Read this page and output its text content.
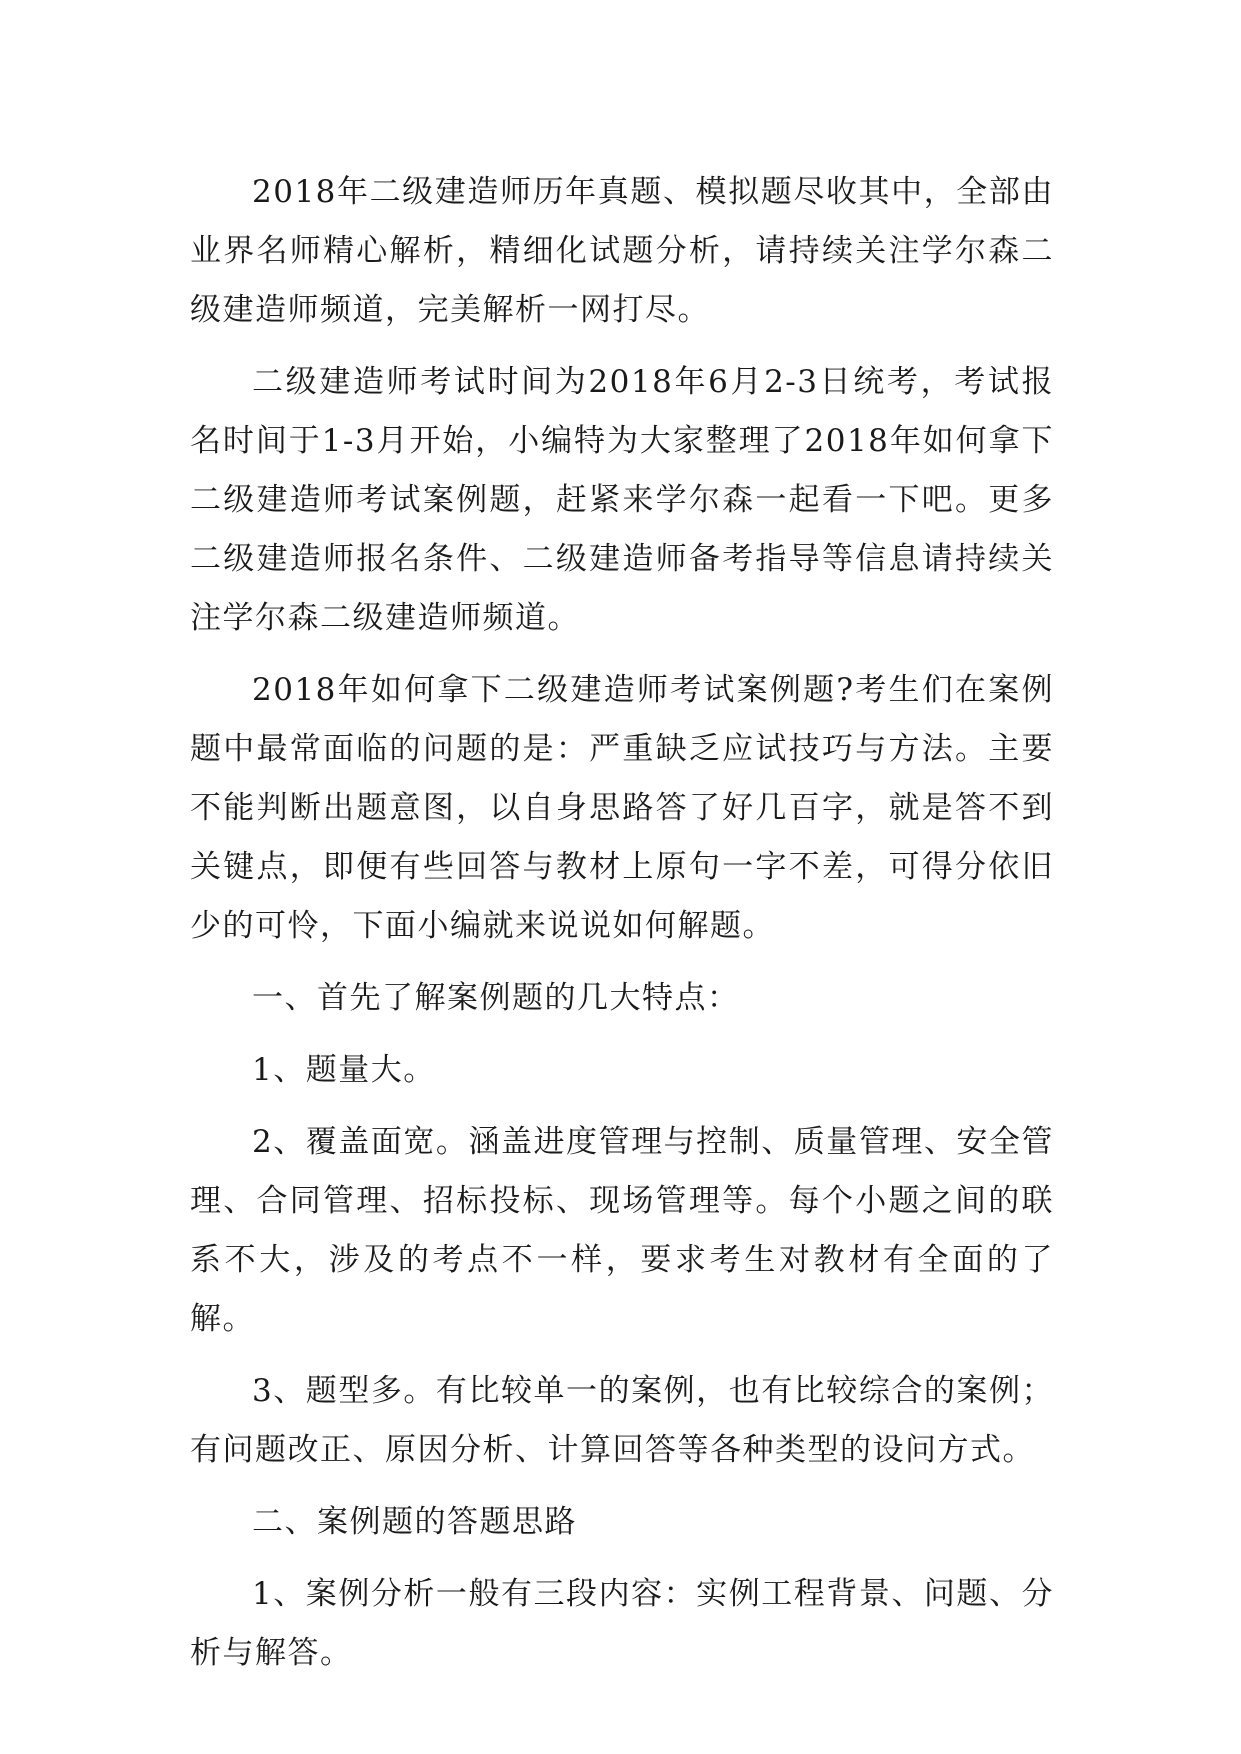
2018年二级建造师历年真题、模拟题尽收其中，全部由业界名师精心解析，精细化试题分析，请持续关注学尔森二级建造师频道，完美解析一网打尽。

二级建造师考试时间为2018年6月2-3日统考，考试报名时间于1-3月开始，小编特为大家整理了2018年如何拿下二级建造师考试案例题，赶紧来学尔森一起看一下吧。更多二级建造师报名条件、二级建造师备考指导等信息请持续关注学尔森二级建造师频道。

2018年如何拿下二级建造师考试案例题?考生们在案例题中最常面临的问题的是：严重缺乏应试技巧与方法。主要不能判断出题意图，以自身思路答了好几百字，就是答不到关键点，即便有些回答与教材上原句一字不差，可得分依旧少的可怜，下面小编就来说说如何解题。

一、首先了解案例题的几大特点：

1、题量大。

2、覆盖面宽。涵盖进度管理与控制、质量管理、安全管理、合同管理、招标投标、现场管理等。每个小题之间的联系不大，涉及的考点不一样，要求考生对教材有全面的了解。

3、题型多。有比较单一的案例，也有比较综合的案例；有问题改正、原因分析、计算回答等各种类型的设问方式。

二、案例题的答题思路

1、案例分析一般有三段内容：实例工程背景、问题、分析与解答。
